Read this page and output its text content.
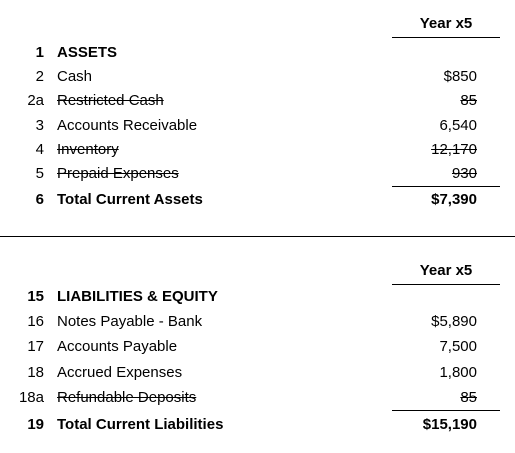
Year x5
1 ASSETS
2 Cash	$850
2a Restricted Cash	85
3 Accounts Receivable	6,540
4 Inventory	12,170
5 Prepaid Expenses	930
6 Total Current Assets	$7,390
Year x5
15 LIABILITIES & EQUITY
16 Notes Payable - Bank	$5,890
17 Accounts Payable	7,500
18 Accrued Expenses	1,800
18a Refundable Deposits	85
19 Total Current Liabilities	$15,190
